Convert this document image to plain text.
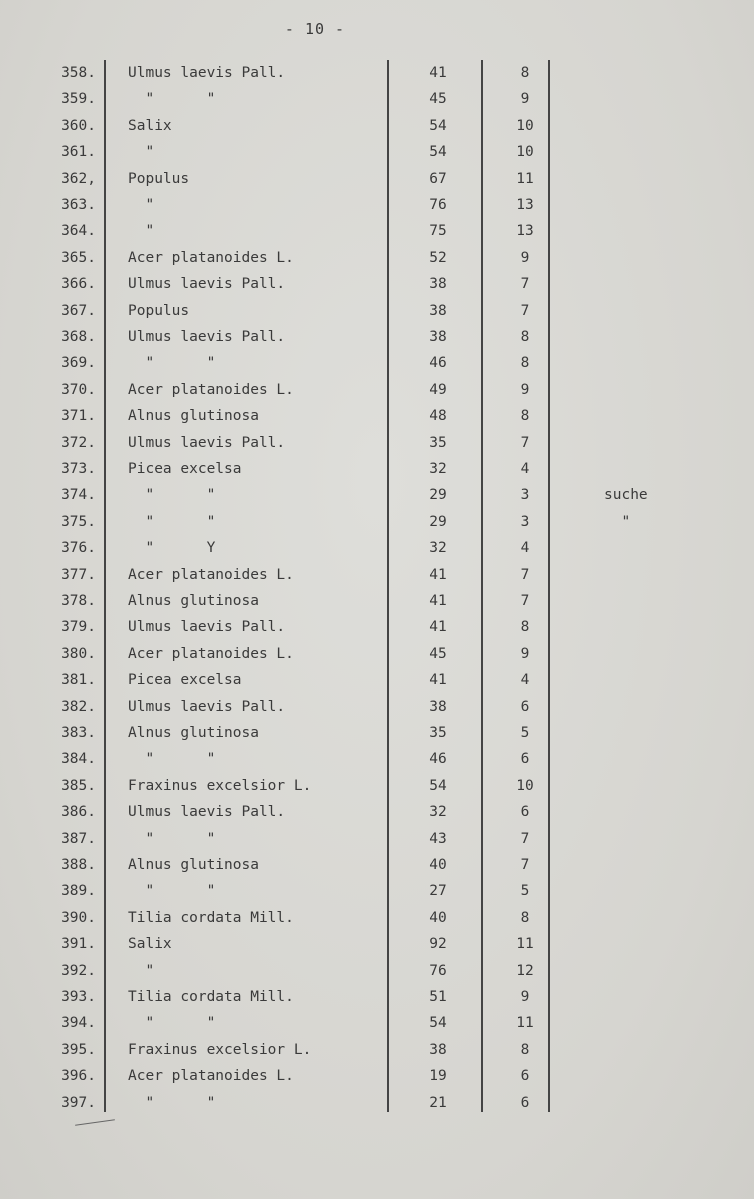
- 10 -
358. Ulmus laevis Pall.	41	8
359. "      "	45	9
360. Salix	54	10
361. "	54	10
362, Populus	67	11
363. "	76	13
364. "	75	13
365. Acer platanoides L.	52	9
366. Ulmus laevis Pall.	38	7
367. Populus	38	7
368. Ulmus laevis Pall.	38	8
369. "      "	46	8
370. Acer platanoides L.	49	9
371. Alnus glutinosa	48	8
372. Ulmus laevis Pall.	35	7
373. Picea excelsa	32	4
374. "      "	29	3	suche
375. "      "	29	3	"
376. "      Y	32	4
377. Acer platanoides L.	41	7
378. Alnus glutinosa	41	7
379. Ulmus laevis Pall.	41	8
380. Acer platanoides L.	45	9
381. Picea excelsa	41	4
382. Ulmus laevis Pall.	38	6
383. Alnus glutinosa	35	5
384. "      "	46	6
385. Fraxinus excelsior L.	54	10
386. Ulmus laevis Pall.	32	6
387. "      "	43	7
388. Alnus glutinosa	40	7
389. "      "	27	5
390. Tilia cordata Mill.	40	8
391. Salix	92	11
392. "	76	12
393. Tilia cordata Mill.	51	9
394. "      "	54	11
395. Fraxinus excelsior L.	38	8
396. Acer platanoides L.	19	6
397. "      "	21	6
